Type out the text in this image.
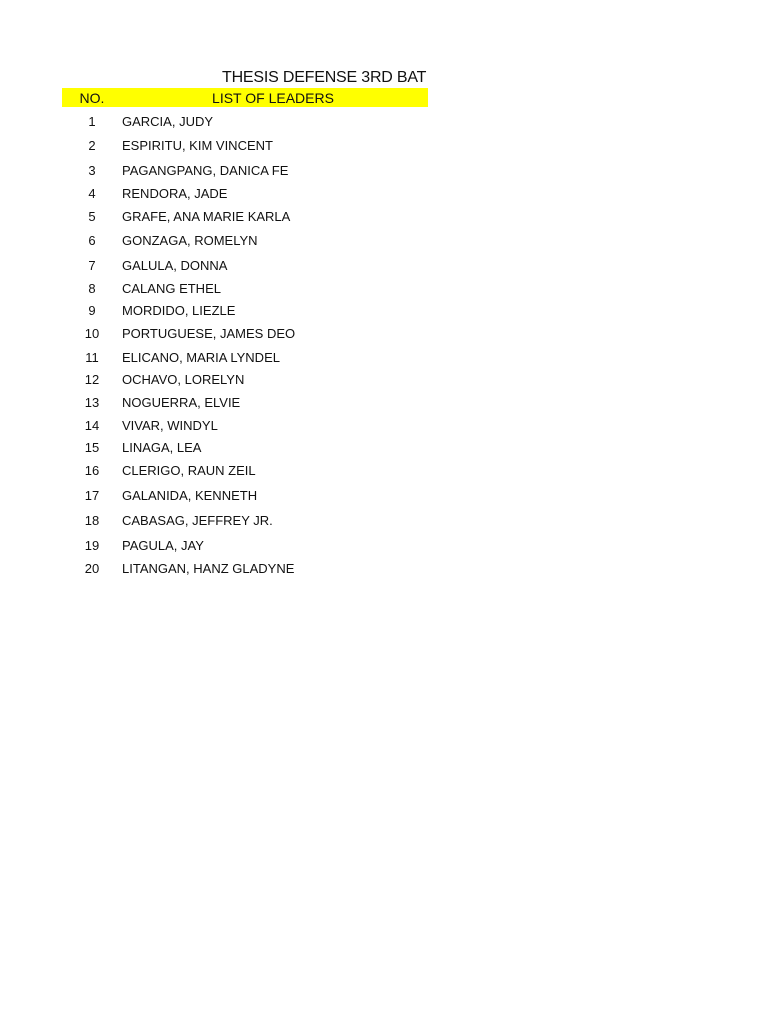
THESIS DEFENSE 3RD BAT
NO.	LIST OF LEADERS
1	GARCIA, JUDY
2	ESPIRITU, KIM VINCENT
3	PAGANGPANG, DANICA FE
4	RENDORA, JADE
5	GRAFE, ANA MARIE KARLA
6	GONZAGA, ROMELYN
7	GALULA, DONNA
8	CALANG ETHEL
9	MORDIDO, LIEZLE
10	PORTUGUESE, JAMES DEO
11	ELICANO, MARIA LYNDEL
12	OCHAVO, LORELYN
13	NOGUERRA, ELVIE
14	VIVAR, WINDYL
15	LINAGA, LEA
16	CLERIGO, RAUN ZEIL
17	GALANIDA, KENNETH
18	CABASAG, JEFFREY JR.
19	PAGULA, JAY
20	LITANGAN, HANZ GLADYNE
